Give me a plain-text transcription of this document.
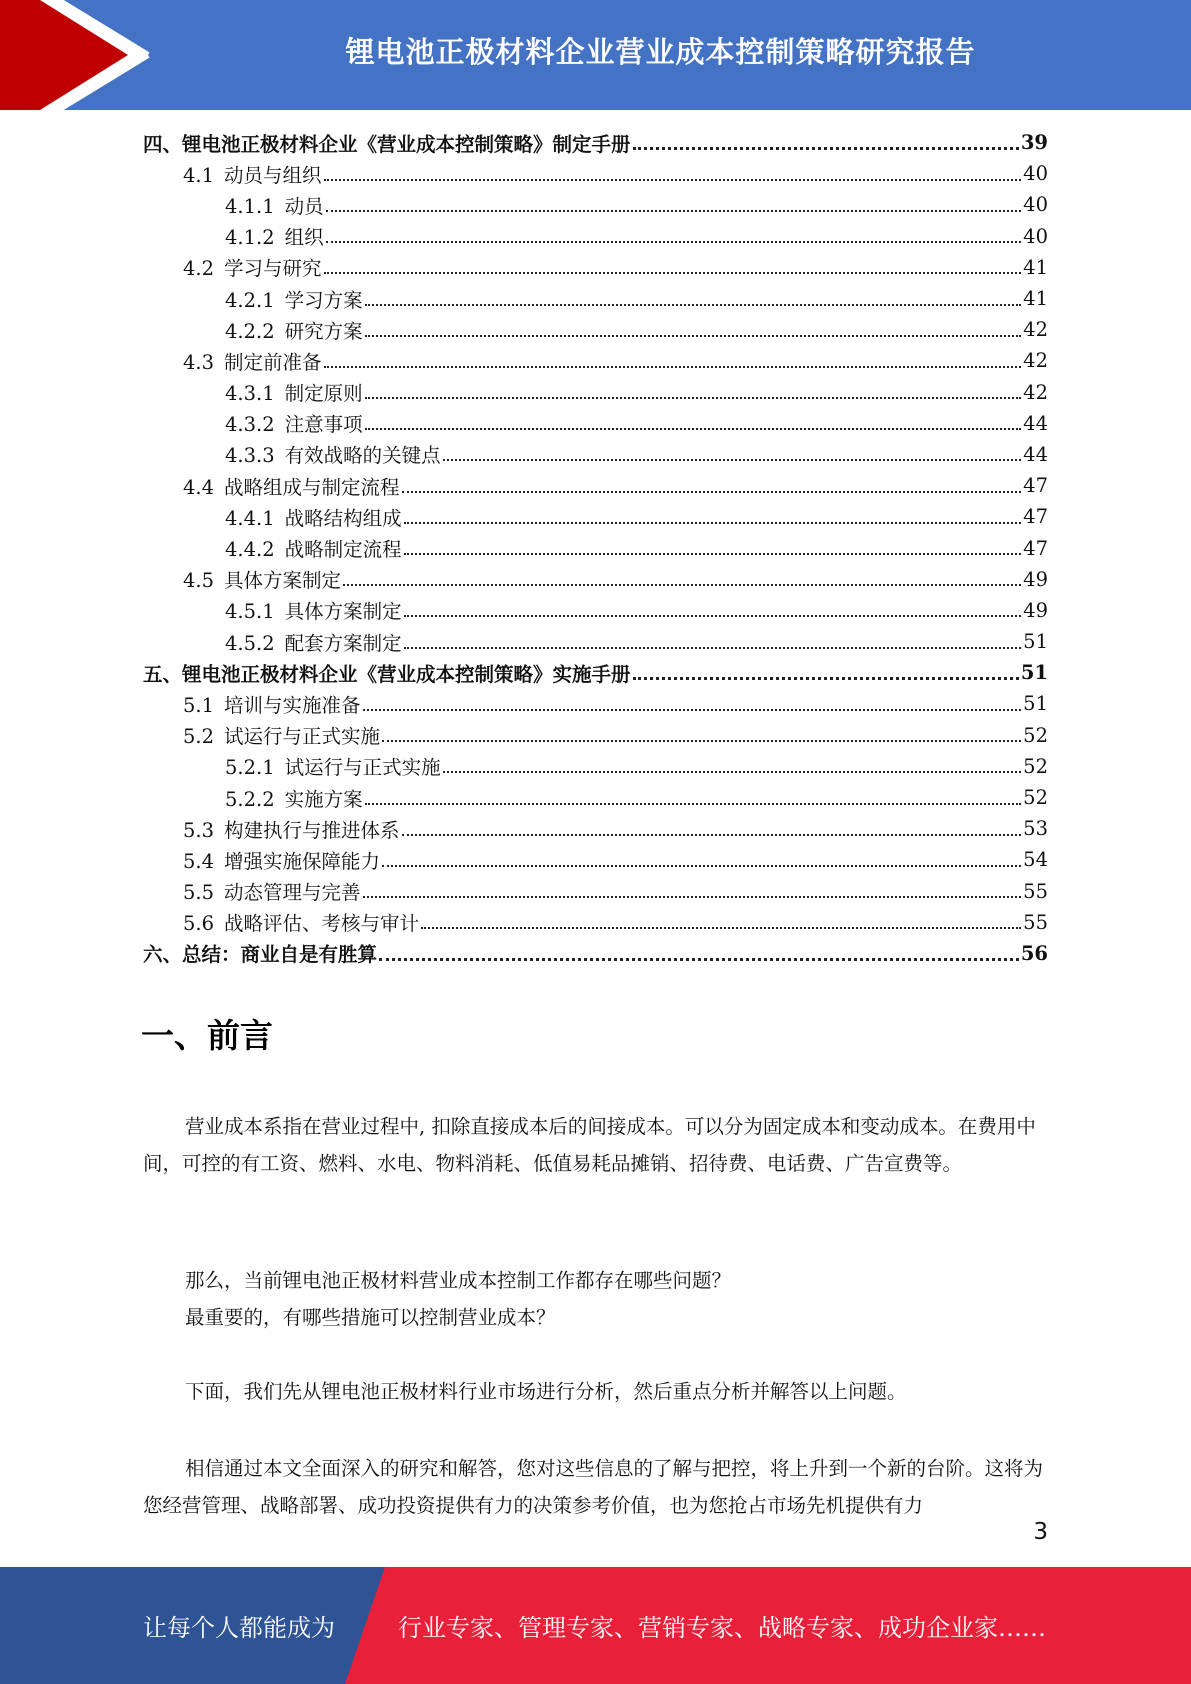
锂电池正极材料企业营业成本控制策略研究报告
四、锂电池正极材料企业《营业成本控制策略》制定手册	39
4.1 动员与组织	40
4.1.1 动员	40
4.1.2 组织	40
4.2 学习与研究	41
4.2.1 学习方案	41
4.2.2 研究方案	42
4.3 制定前准备	42
4.3.1 制定原则	42
4.3.2 注意事项	44
4.3.3 有效战略的关键点	44
4.4 战略组成与制定流程	47
4.4.1 战略结构组成	47
4.4.2 战略制定流程	47
4.5 具体方案制定	49
4.5.1 具体方案制定	49
4.5.2 配套方案制定	51
五、锂电池正极材料企业《营业成本控制策略》实施手册	51
5.1 培训与实施准备	51
5.2 试运行与正式实施	52
5.2.1 试运行与正式实施	52
5.2.2 实施方案	52
5.3 构建执行与推进体系	53
5.4 增强实施保障能力	54
5.5 动态管理与完善	55
5.6 战略评估、考核与审计	55
六、总结：商业自是有胜算	56
一、前言

营业成本系指在营业过程中, 扣除直接成本后的间接成本。可以分为固定成本和变动成本。在费用中间，可控的有工资、燃料、水电、物料消耗、低值易耗品摊销、招待费、电话费、广告宣费等。

那么，当前锂电池正极材料营业成本控制工作都存在哪些问题？

最重要的，有哪些措施可以控制营业成本？

下面，我们先从锂电池正极材料行业市场进行分析，然后重点分析并解答以上问题。

相信通过本文全面深入的研究和解答，您对这些信息的了解与把控，将上升到一个新的台阶。这将为您经营管理、战略部署、成功投资提供有力的决策参考价值，也为您抢占市场先机提供有力

3
让每个人都能成为	行业专家、管理专家、营销专家、战略专家、成功企业家……
